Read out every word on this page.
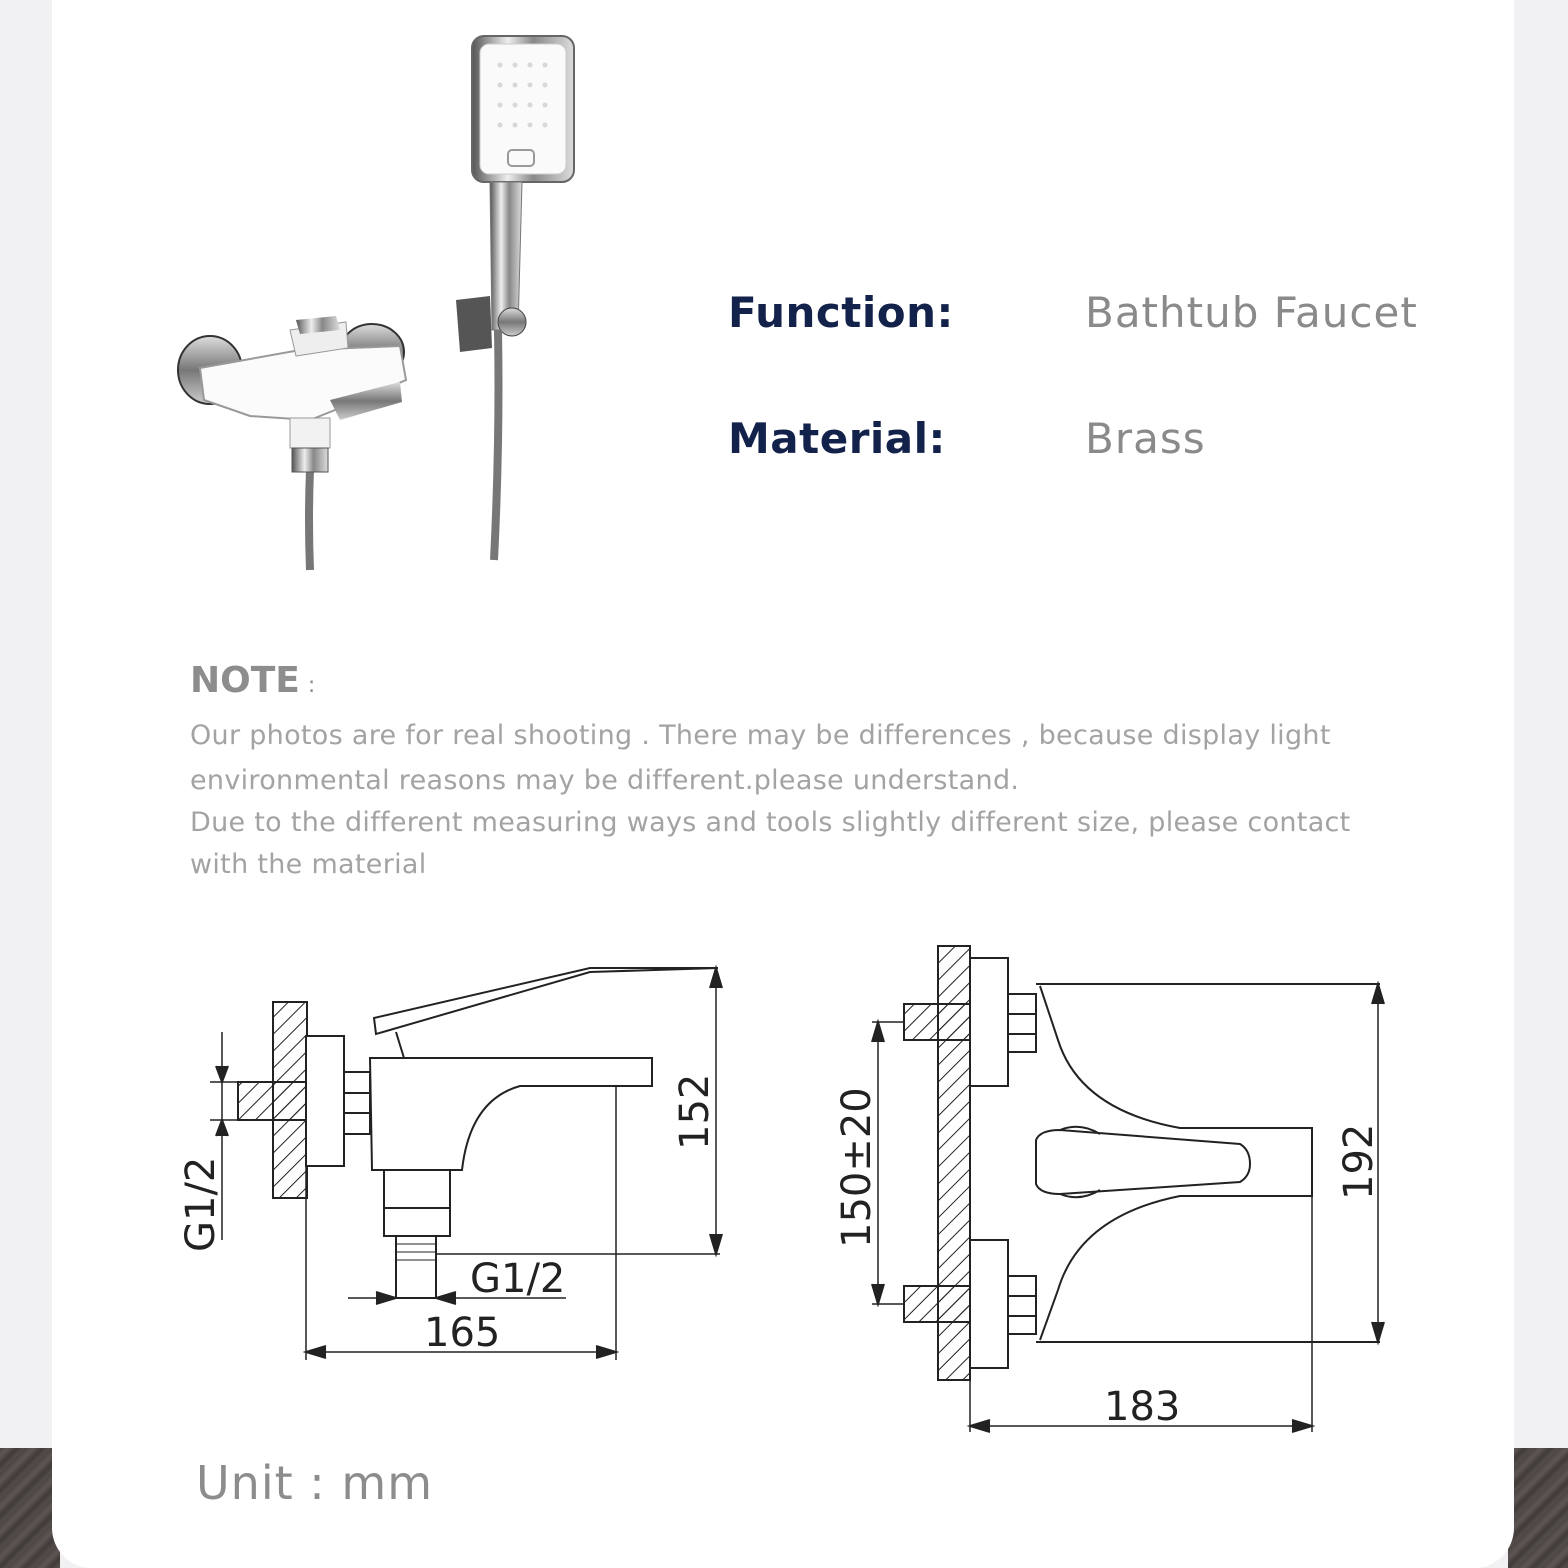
Function:	Bathtub Faucet
Material:	Brass
NOTE :
Our photos are for real shooting . There may be differences , because display light
environmental reasons may be different.please understand.
Due to the different measuring ways and tools slightly different size, please contact
with the material
G1/2
G1/2
165
152	150±20	192
183
Unit : mm
